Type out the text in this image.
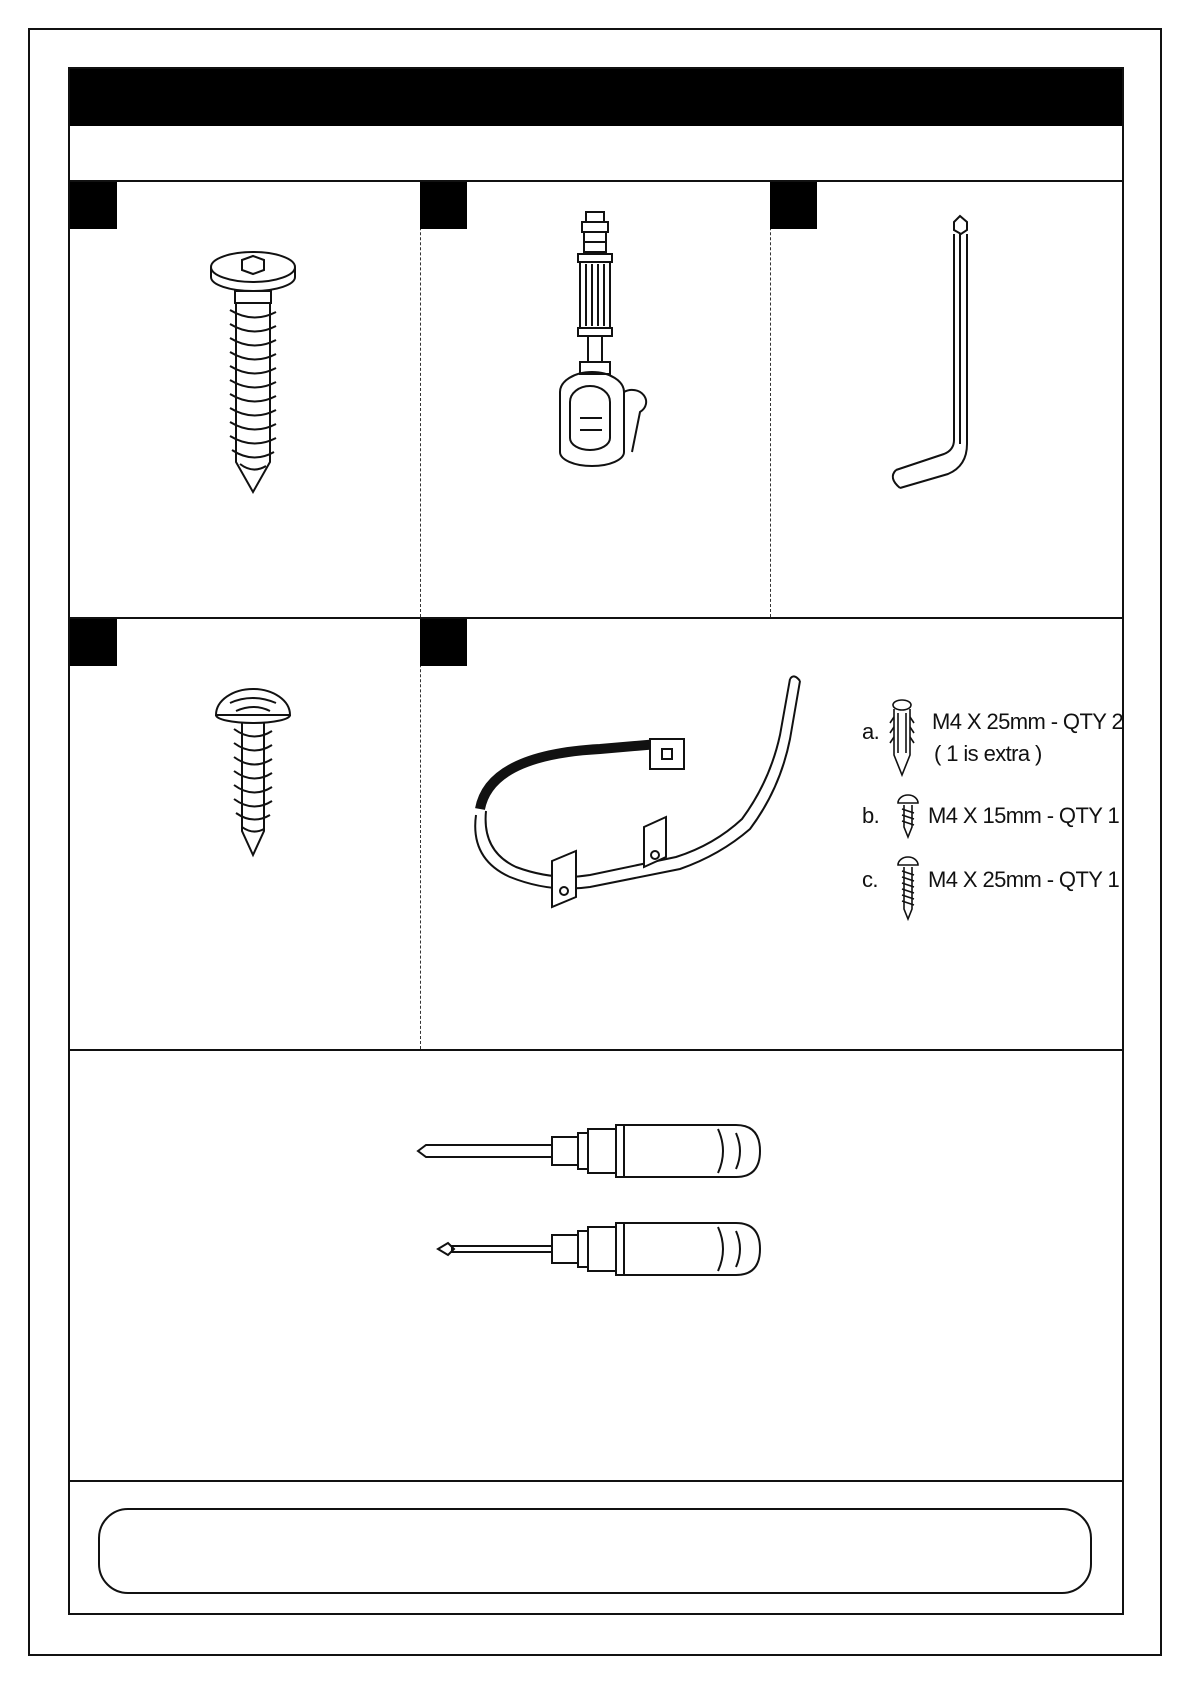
a. M4 X 25mm - QTY 2
( 1 is extra )
b. M4 X 15mm - QTY 1
c. M4 X 25mm - QTY 1
